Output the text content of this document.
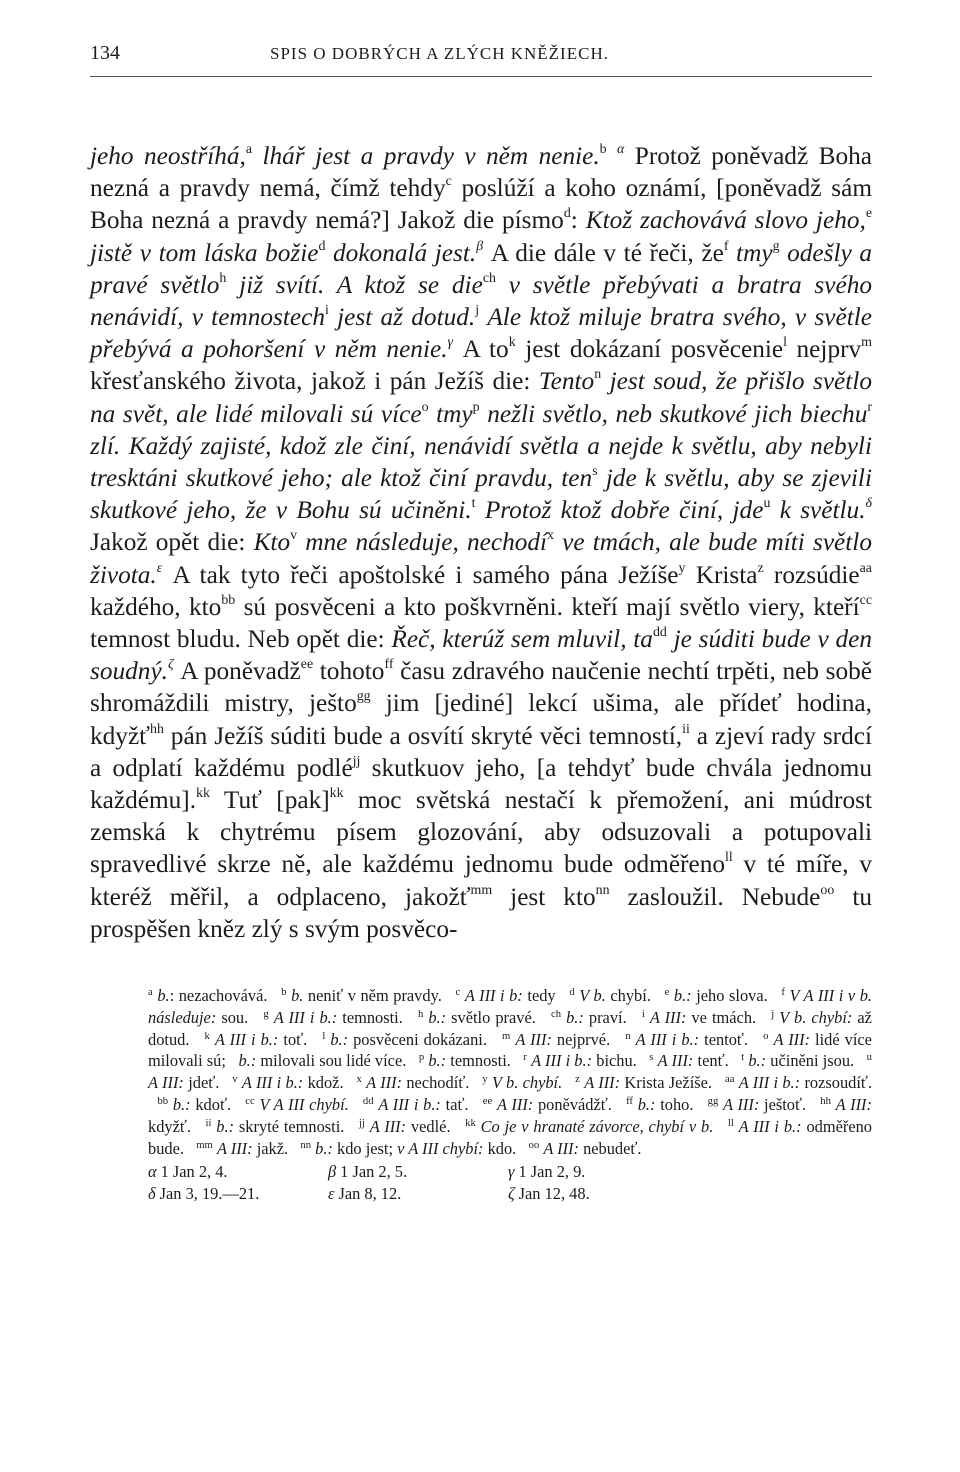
134	SPIS O DOBRÝCH A ZLÝCH KNĚŽIECH.

jeho neostříhá,$^a$ lhář jest a pravdy v něm nenie.$^b$ $^\alpha$ Protož poněvadž Boha nezná a pravdy nemá, čímž tehdy$^c$ poslúží a koho oznámí, [poněvadž sám Boha nezná a pravdy nemá?] Jakož die písmo$^d$: Ktož zachovává slovo jeho,$^e$ jistě v tom láska božie$^d$ dokonalá jest.$^\beta$ A die dále v té řeči, $že^f$ tmy$^g$ odešly a pravé světlo$^h$ již svítí. A ktož se die$^{ch}$ v světle přebývati a bratra svého nenávidí, v temnostech$^i$ jest až dotud.$^j$ Ale ktož miluje bratra svého, v světle přebývá a pohoršení v něm nenie.$^\gamma$ A $to^k$ jest dokázaní posvěcenie$^l$ nejprv$^m$ křesťanského života, jakož i pán Ježíš die: Tento$^n$ jest soud, že přišlo světlo na svět, ale lidé milovali sú více$^o$ tmy$^p$ nežli světlo, neb skutkové jich biechu$^r$ zlí. Každý zajisté, kdož zle činí, nenávidí světla a nejde k světlu, aby nebyli tresktáni skutkové jeho; ale ktož činí pravdu, ten$^s$ jde k světlu, aby se zjevili skutkové jeho, že v Bohu sú učiněni.$^t$ Protož ktož dobře činí, jde$^u$ k světlu.$^\delta$ Jakož opět die: Kto$^v$ mne následuje, nechodí$^x$ ve tmách, ale bude míti světlo života.$^\varepsilon$ A tak tyto řeči apoštolské i samého pána Ježíše$^y$ Krista$^z$ rozsúdie$^{aa}$ každého, kto$^{bb}$ sú posvěceni a kto poškvrněni. kteří mají světlo viery, kteří$^{cc}$ temnost bludu. Neb opět die: Řeč, kterúž sem mluvil, $ta^{dd}$ je súditi bude v den soudný.$^\zeta$ A poněvadž$^{ee}$ tohoto$^{ff}$ času zdravého naučenie nechtí trpěti, neb sobě shromáždili mistry, ješto$^{gg}$ jim [jediné] lekcí ušima, ale přídeť hodina, kdyžť$^{hh}$ pán Ježíš súditi bude a osvítí skryté věci temností,$^{ii}$ a zjeví rady srdcí a odplatí každému podlé$^{jj}$ skutkuov jeho, [a tehdyť bude chvála jednomu každému].$^{kk}$ Tuť [pak]$^{kk}$ moc světská nestačí k přemožení, ani múdrost zemská k chytrému písem glozování, aby odsuzovali a potupovali spravedlivé skrze ně, ale každému jednomu bude odměřeno$^{ll}$ v té míře, v kteréž měřil, a odplaceno, jakožť$^{mm}$ jest kto$^{nn}$ zasloužil. Nebude$^{oo}$ tu prospěšen kněz zlý s svým posvěco-

$^a$ b.: nezachovává.   $^b$ b. neniť v něm pravdy.   $^c$ A III i b: tedy   $^d$ V b. chybí.   $^e$ b.: jeho slova.   $^f$ V A III i v b. následuje: sou.   $^g$ A III i b.: temnosti.   $^h$ b.: světlo pravé.   $^{ch}$ b.: praví.   $^i$ A III: ve tmách.   $^j$ V b. chybí: až dotud.   $^k$ A III i b.: toť.   $^l$ b.: posvěceni dokázani.   $^m$ A III: nejprvé.   $^n$ A III i b.: tentoť.   $^o$ A III: lidé více milovali sú;   b.: milovali sou lidé více.   $^p$ b.: temnosti.   $^r$ A III i b.: bichu.   $^s$ A III: tenť.   $^t$ b.: učiněni jsou.   $^u$ A III: jdeť.   $^v$ A III i b.: kdož.   $^x$ A III: nechodíť.   $^y$ V b. chybí. $^z$ A III: Krista Ježíše.   $^{aa}$ A III i b.: rozsoudíť.   $^{bb}$ b.: kdoť.   $^{cc}$ V A III chybí. $^{dd}$ A III i b.: tať.   $^{ee}$ A III: poněvádžť.   $^{ff}$ b.: toho.   $^{gg}$ A III: ještoť.   $^{hh}$ A III: kdyžť.   $^{ii}$ b.: skryté temnosti.   $^{jj}$ A III: vedlé.   $^{kk}$ Co je v hranaté závorce, chybí v b. $^{ll}$ A III i b.: odměřeno bude.   $^{mm}$ A III: jakž.   $^{nn}$ b.: kdo jest; v A III chybí: kdo.   $^{oo}$ A III: nebudeť.

α 1 Jan 2, 4.	β 1 Jan 2, 5.	γ 1 Jan 2, 9.
δ Jan 3, 19.—21.	ε Jan 8, 12.	ζ Jan 12, 48.
